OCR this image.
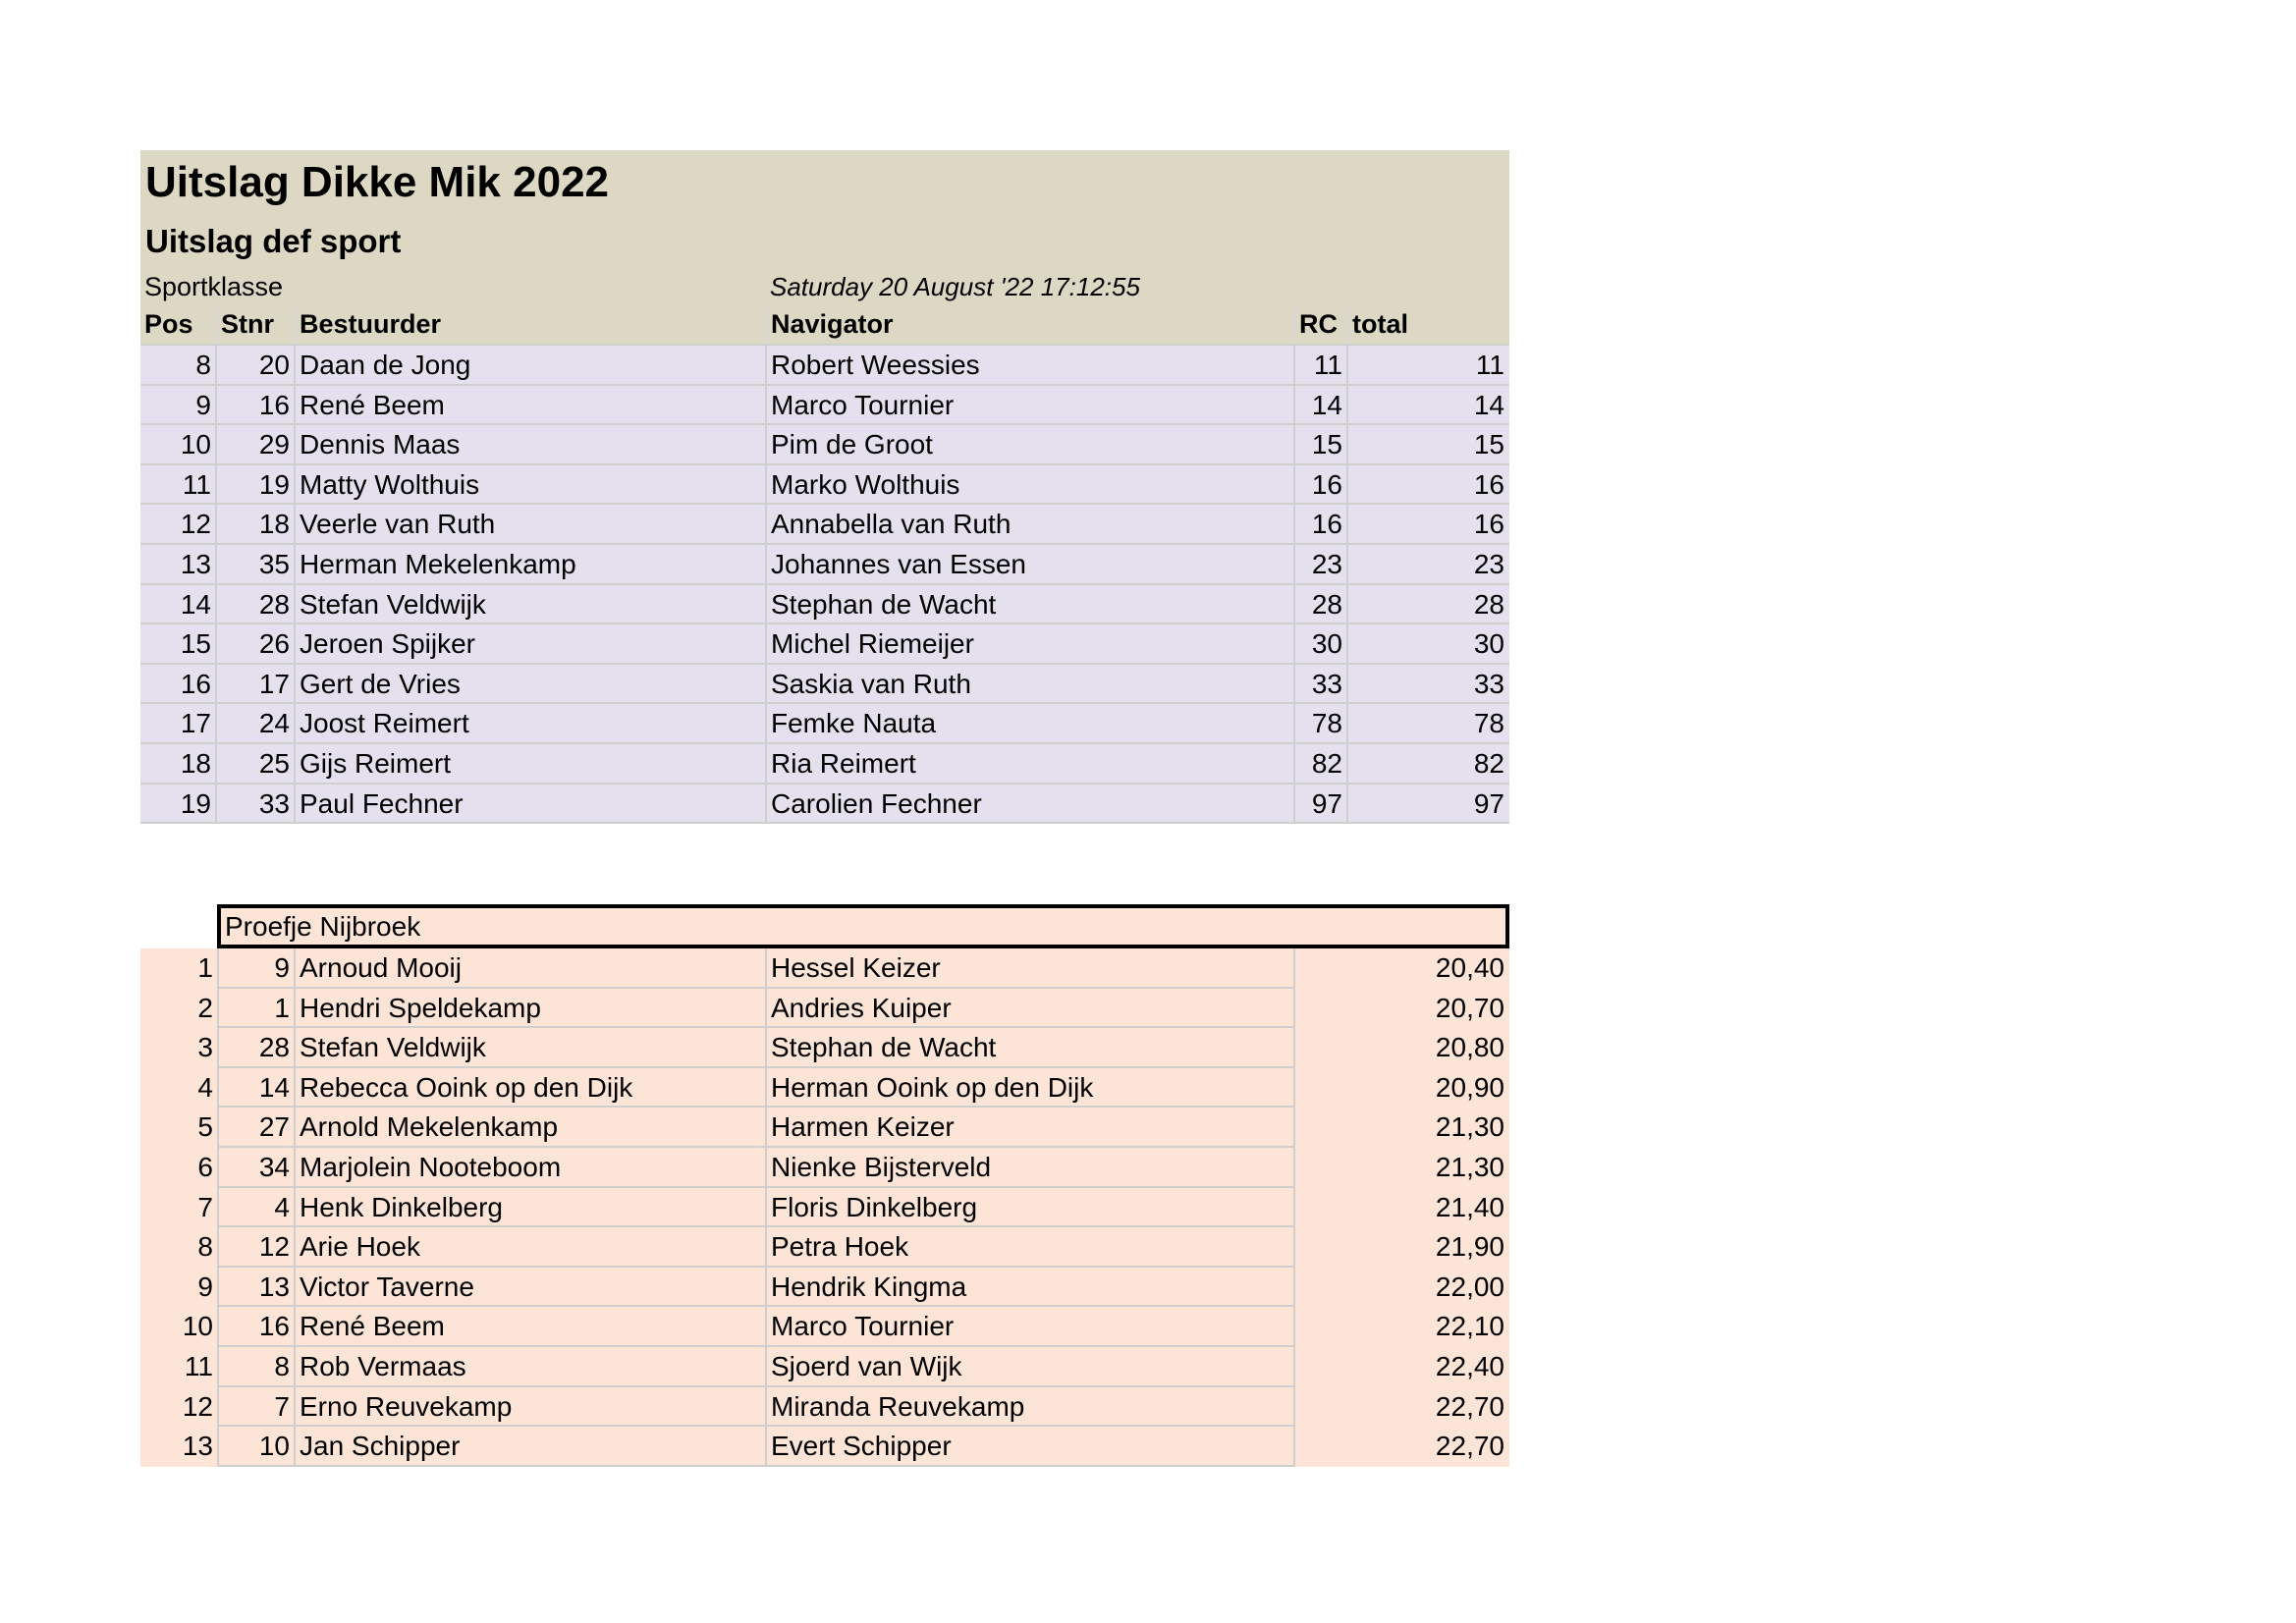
Uitslag Dikke Mik 2022
Uitslag def sport
Sportklasse	Saturday 20 August '22 17:12:55
Pos	Stnr Bestuurder	Navigator	RC total
8	20 Daan de Jong	Robert Weessies	11	11
9	16 René Beem	Marco Tournier	14	14
10	29 Dennis Maas	Pim de Groot	15	15
11	19 Matty Wolthuis	Marko Wolthuis	16	16
12	18 Veerle van Ruth	Annabella van Ruth	16	16
13	35 Herman Mekelenkamp	Johannes van Essen	23	23
14	28 Stefan Veldwijk	Stephan de Wacht	28	28
15	26 Jeroen Spijker	Michel Riemeijer	30	30
16	17 Gert de Vries	Saskia van Ruth	33	33
17	24 Joost Reimert	Femke Nauta	78	78
18	25 Gijs Reimert	Ria Reimert	82	82
19	33 Paul Fechner	Carolien Fechner	97	97
Proefje Nijbroek
1	9 Arnoud Mooij	Hessel Keizer	20,40
2	1 Hendri Speldekamp	Andries Kuiper	20,70
3	28 Stefan Veldwijk	Stephan de Wacht	20,80
4	14 Rebecca Ooink op den Dijk	Herman Ooink op den Dijk	20,90
5	27 Arnold Mekelenkamp	Harmen Keizer	21,30
6	34 Marjolein Nooteboom	Nienke Bijsterveld	21,30
7	4 Henk Dinkelberg	Floris Dinkelberg	21,40
8	12 Arie Hoek	Petra Hoek	21,90
9	13 Victor Taverne	Hendrik Kingma	22,00
10	16 René Beem	Marco Tournier	22,10
11	8 Rob Vermaas	Sjoerd van Wijk	22,40
12	7 Erno Reuvekamp	Miranda Reuvekamp	22,70
13	10 Jan Schipper	Evert Schipper	22,70
